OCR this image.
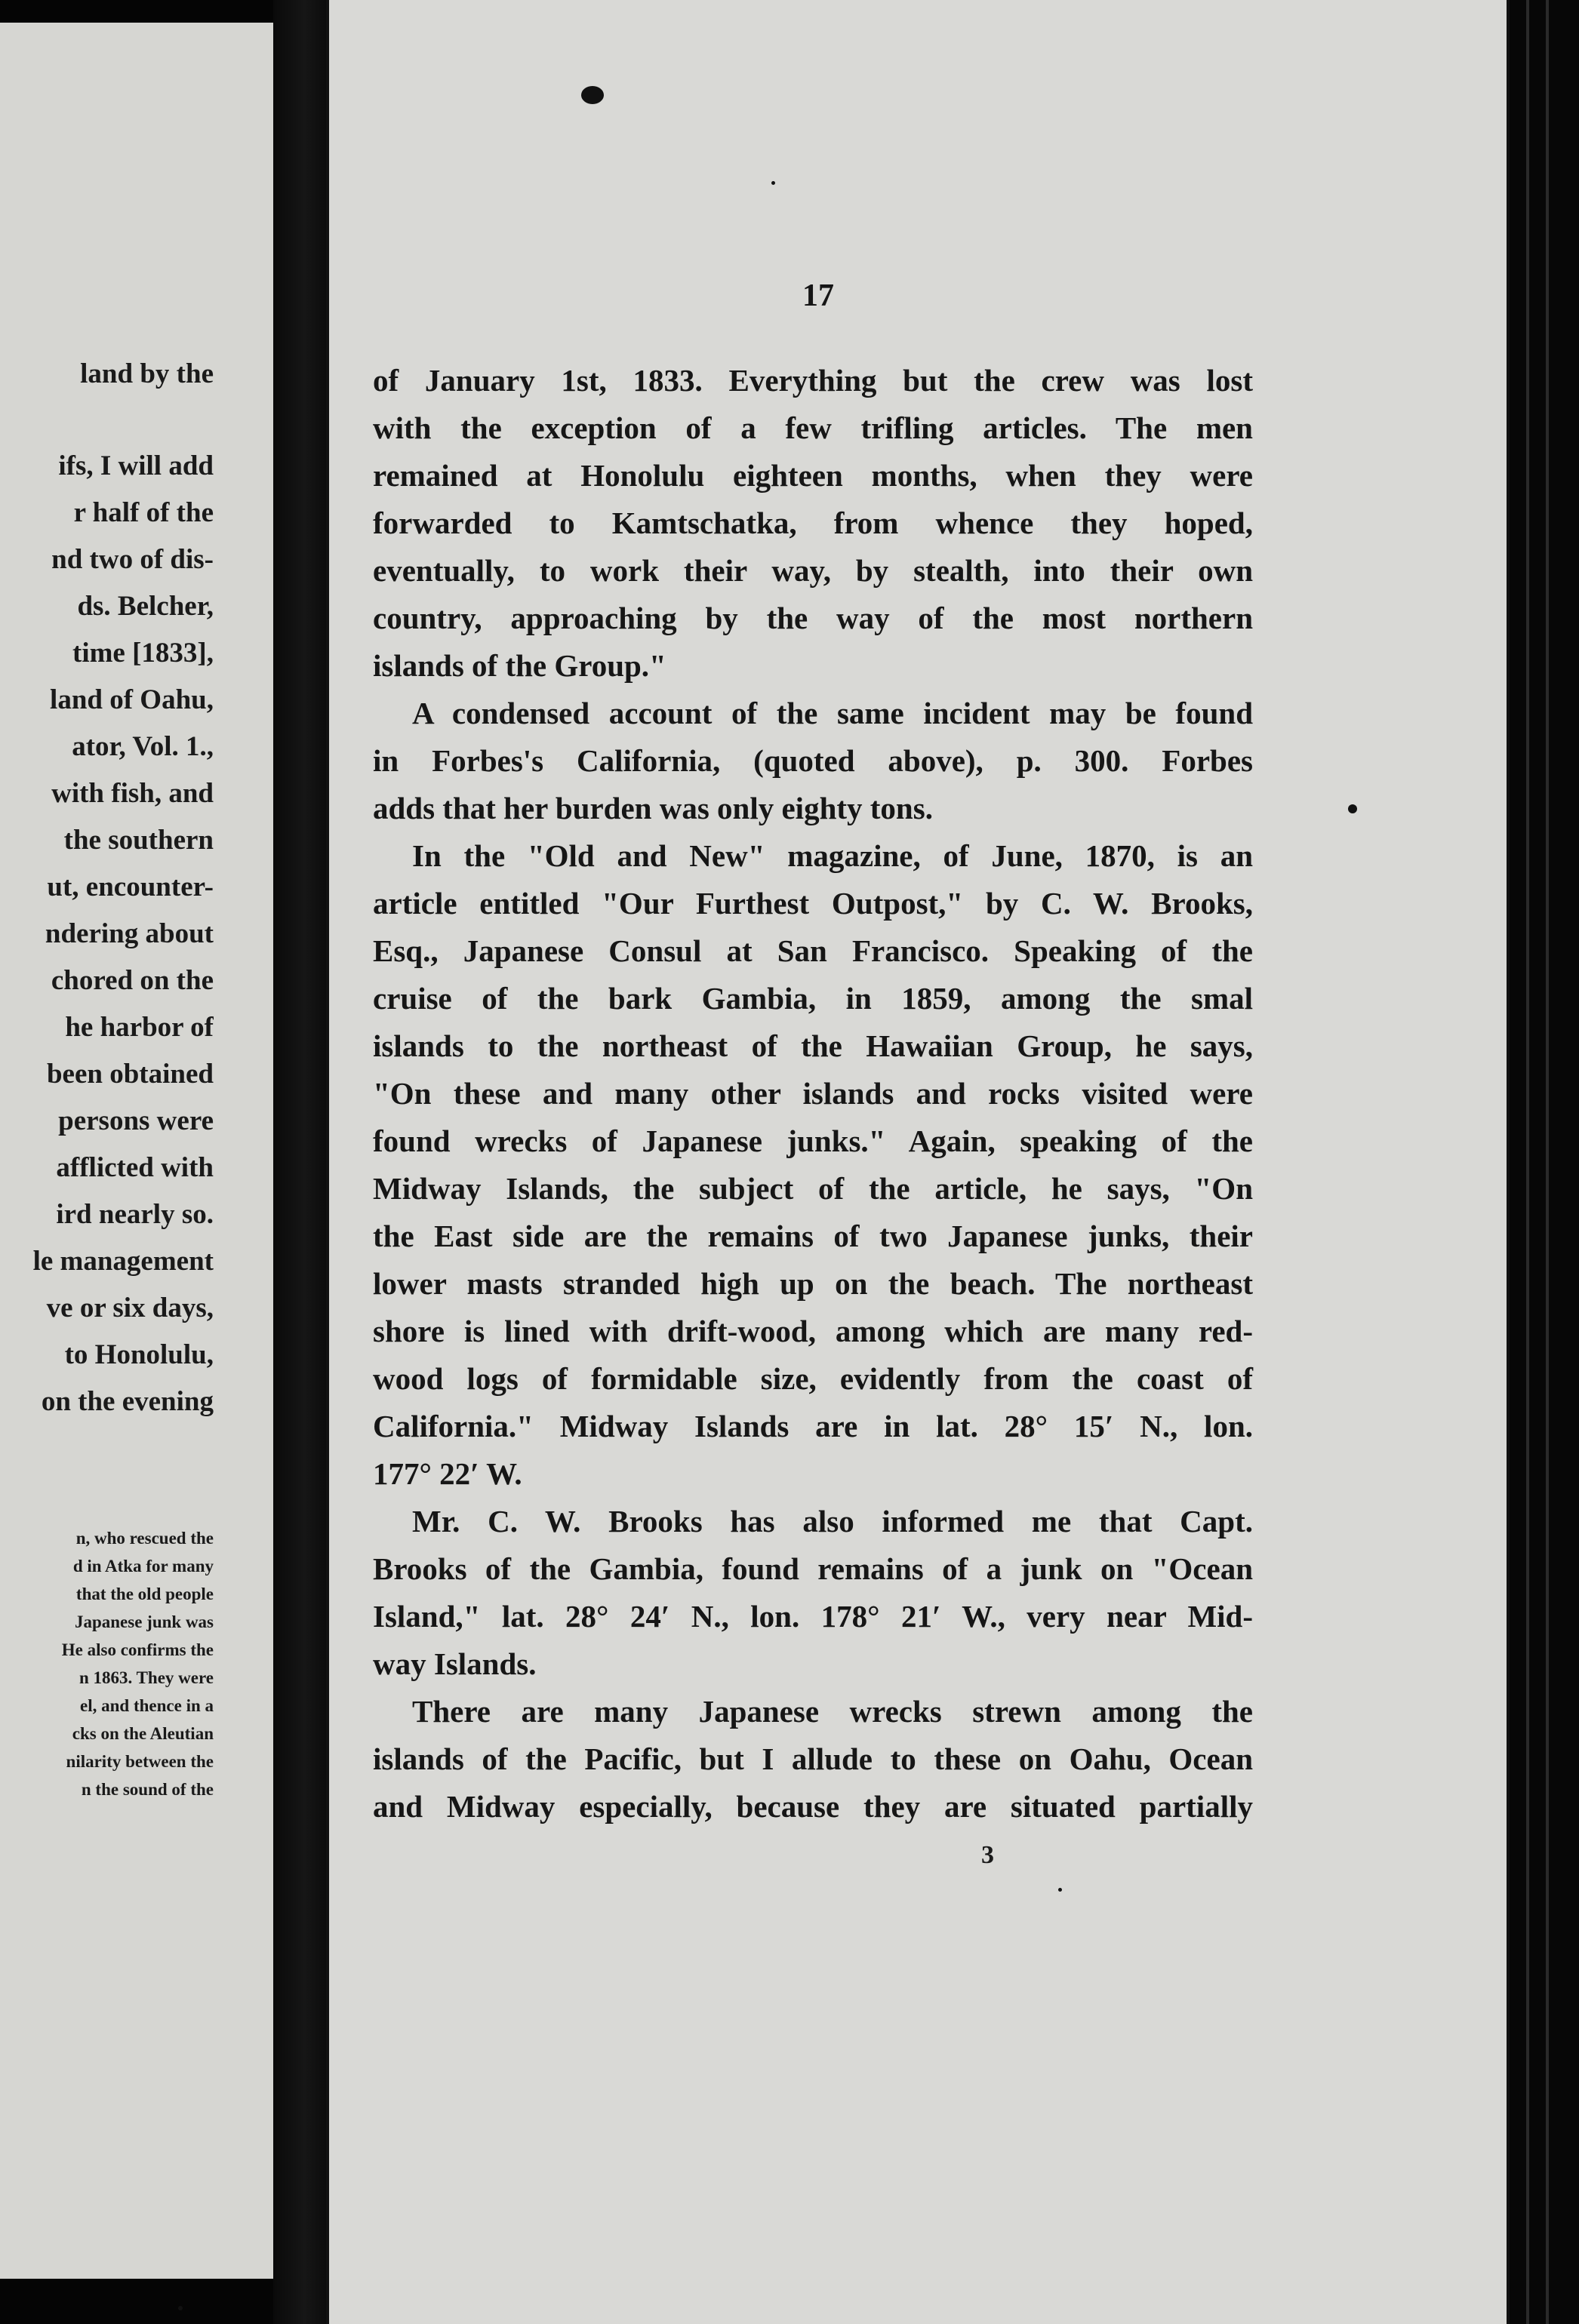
land by the
ifs, I will add
r half of the
nd two of dis-
ds. Belcher,
time [1833],
land of Oahu,
ator, Vol. 1.,
with fish, and
the southern
ut, encounter-
ndering about
chored on the
he harbor of
been obtained
persons were
afflicted with
ird nearly so.
le management
ve or six days,
to Honolulu,
on the evening
n, who rescued the
d in Atka for many
that the old people
Japanese junk was
He also confirms the
n 1863. They were
el, and thence in a
cks on the Aleutian
nilarity between the
n the sound of the
17
of January 1st, 1833. Everything but the crew was lost
with the exception of a few trifling articles. The men
remained at Honolulu eighteen months, when they were
forwarded to Kamtschatka, from whence they hoped,
eventually, to work their way, by stealth, into their own
country, approaching by the way of the most northern
islands of the Group."
A condensed account of the same incident may be found
in Forbes's California, (quoted above), p. 300. Forbes
adds that her burden was only eighty tons.
In the "Old and New" magazine, of June, 1870, is an
article entitled "Our Furthest Outpost," by C. W. Brooks,
Esq., Japanese Consul at San Francisco. Speaking of the
cruise of the bark Gambia, in 1859, among the smal
islands to the northeast of the Hawaiian Group, he says,
"On these and many other islands and rocks visited were
found wrecks of Japanese junks." Again, speaking of the
Midway Islands, the subject of the article, he says, "On
the East side are the remains of two Japanese junks, their
lower masts stranded high up on the beach. The northeast
shore is lined with drift-wood, among which are many red-
wood logs of formidable size, evidently from the coast of
California." Midway Islands are in lat. 28° 15′ N., lon.
177° 22′ W.
Mr. C. W. Brooks has also informed me that Capt.
Brooks of the Gambia, found remains of a junk on "Ocean
Island," lat. 28° 24′ N., lon. 178° 21′ W., very near Mid-
way Islands.
There are many Japanese wrecks strewn among the
islands of the Pacific, but I allude to these on Oahu, Ocean
and Midway especially, because they are situated partially
3
